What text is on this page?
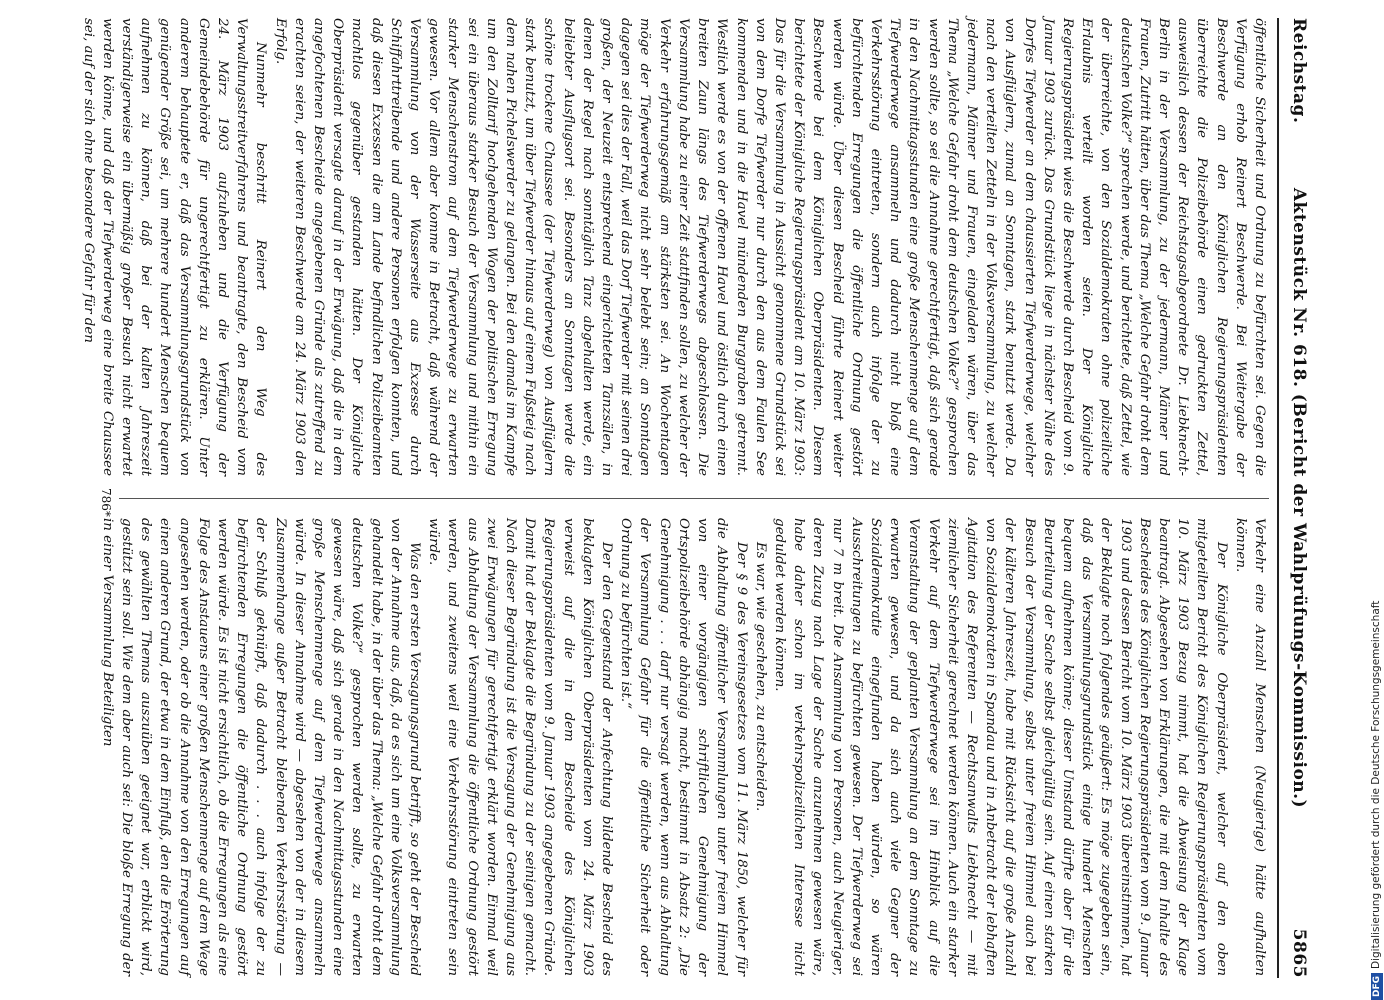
Reichstag.
Aktenstück Nr. 618. (Bericht der Wahlprüfungs-Kommission.)
5865

öffentliche Sicherheit und Ordnung zu befürchten sei. Gegen die Verfügung erhob Reinert Beschwerde. Bei Weitergabe der Beschwerde an den Königlichen Regierungspräsidenten überreichte die Polizeibehörde einen gedruckten Zettel, ausweislich dessen der Reichstagsabgeordnete Dr. Liebknecht-Berlin in der Versammlung, zu der jedermann, Männer und Frauen, Zutritt hätten, über das Thema „Welche Gefahr droht dem deutschen Volke?“ sprechen werde, und berichtete, daß Zettel, wie der überreichte, von den Sozialdemokraten ohne polizeiliche Erlaubnis verteilt worden seien. Der Königliche Regierungspräsident wies die Beschwerde durch Bescheid vom 9. Januar 1903 zurück. Das Grundstück liege in nächster Nähe des Dorfes Tiefwerder an dem chaussierten Tiefwerderwege, welcher von Ausflüglern, zumal an Sonntagen, stark benutzt werde. Da nach den verteilten Zetteln in der Volksversammlung, zu welcher jedermann, Männer und Frauen, eingeladen wären, über das Thema „Welche Gefahr droht dem deutschen Volke?“ gesprochen werden sollte, so sei die Annahme gerechtfertigt, daß sich gerade in den Nachmittagsstunden eine große Menschenmenge auf dem Tiefwerderwege ansammeln und dadurch nicht bloß eine Verkehrsstörung eintreten, sondern auch infolge der zu befürchtenden Erregungen die öffentliche Ordnung gestört werden würde. Über diesen Bescheid führte Reinert weiter Beschwerde bei dem Königlichen Oberpräsidenten. Diesem berichtete der Königliche Regierungspräsident am 10. März 1903: Das für die Versammlung in Aussicht genommene Grundstück sei von dem Dorfe Tiefwerder nur durch den aus dem Faulen See kommenden und in die Havel mündenden Burggraben getrennt. Westlich werde es von der offenen Havel und östlich durch einen breiten Zaun längs des Tiefwerderwegs abgeschlossen. Die Versammlung habe zu einer Zeit stattfinden sollen, zu welcher der Verkehr erfahrungsgemäß am stärksten sei. An Wochentagen möge der Tiefwerderweg nicht sehr belebt sein; an Sonntagen dagegen sei dies der Fall, weil das Dorf Tiefwerder mit seinen drei großen, der Neuzeit entsprechend eingerichteten Tanzsälen, in denen der Regel nach sonntäglich Tanz abgehalten werde, ein beliebter Ausflugsort sei. Besonders an Sonntagen werde die schöne trockene Chaussee (der Tiefwerderweg) von Ausflüglern stark benutzt, um über Tiefwerder hinaus auf einem Fußsteig nach dem nahen Pichelswerder zu gelangen. Bei den damals im Kampfe um den Zolltarif hochgehenden Wogen der politischen Erregung sei ein überaus starker Besuch der Versammlung und mithin ein starker Menschenstrom auf dem Tiefwerderwege zu erwarten gewesen. Vor allem aber komme in Betracht, daß während der Versammlung von der Wasserseite aus Exzesse durch Schiffahrttreibende und andere Personen erfolgen konnten, und daß diesen Exzessen die am Lande befindlichen Polizeibeamten machtlos gegenüber gestanden hätten. Der Königliche Oberpräsident versagte darauf in der Erwägung, daß die in dem angefochtenen Bescheide angegebenen Gründe als zutreffend zu erachten seien, der weiteren Beschwerde am 24. März 1903 den Erfolg.

Nunmehr beschritt Reinert den Weg des Verwaltungsstreitverfahrens und beantragte, den Bescheid vom 24. März 1903 aufzuheben und die Verfügung der Gemeindebehörde für ungerechtfertigt zu erklären. Unter anderem behauptete er, daß das Versammlungsgrundstück von genügender Größe sei, um mehrere hundert Menschen bequem aufnehmen zu können, daß bei der kalten Jahreszeit verständigerweise ein übermäßig großer Besuch nicht erwartet werden könne, und daß der Tiefwerderweg eine breite Chaussee sei, auf der sich ohne besondere Gefahr für den

Verkehr eine Anzahl Menschen (Neugierige) hätte aufhalten können.

Der Königliche Oberpräsident, welcher auf den oben mitgeteilten Bericht des Königlichen Regierungspräsidenten vom 10. März 1903 Bezug nimmt, hat die Abweisung der Klage beantragt. Abgesehen von Erklärungen, die mit dem Inhalte des Bescheides des Königlichen Regierungspräsidenten vom 9. Januar 1903 und dessen Bericht vom 10. März 1903 übereinstimmen, hat der Beklagte noch folgendes geäußert: Es möge zugegeben sein, daß das Versammlungsgrundstück einige hundert Menschen bequem aufnehmen könne; dieser Umstand dürfte aber für die Beurteilung der Sache selbst gleichgültig sein. Auf einen starken Besuch der Versammlung, selbst unter freiem Himmel auch bei der kälteren Jahreszeit, habe mit Rücksicht auf die große Anzahl von Sozialdemokraten in Spandau und in Anbetracht der lebhaften Agitation des Referenten — Rechtsanwalts Liebknecht — mit ziemlicher Sicherheit gerechnet werden können. Auch ein starker Verkehr auf dem Tiefwerderwege sei im Hinblick auf die Veranstaltung der geplanten Versammlung an dem Sonntage zu erwarten gewesen, und da sich auch viele Gegner der Sozialdemokratie eingefunden haben würden, so wären Ausschreitungen zu befürchten gewesen. Der Tiefwerderweg sei nur 7 m breit. Die Ansammlung von Personen, auch Neugieriger, deren Zuzug nach Lage der Sache anzunehmen gewesen wäre, habe daher schon im verkehrspolizeilichen Interesse nicht geduldet werden können.

Es war, wie geschehen, zu entscheiden.

Der § 9 des Vereinsgesetzes vom 11. März 1850, welcher für die Abhaltung öffentlicher Versammlungen unter freiem Himmel von einer vorgängigen schriftlichen Genehmigung der Ortspolizeibehörde abhängig macht, bestimmt in Absatz 2: „Die Genehmigung . . . darf nur versagt werden, wenn aus Abhaltung der Versammlung Gefahr für die öffentliche Sicherheit oder Ordnung zu befürchten ist.“

Der den Gegenstand der Anfechtung bildende Bescheid des beklagten Königlichen Oberpräsidenten vom 24. März 1903 verweist auf die in dem Bescheide des Königlichen Regierungspräsidenten vom 9. Januar 1903 angegebenen Gründe. Damit hat der Beklagte die Begründung zu der seinigen gemacht. Nach dieser Begründung ist die Versagung der Genehmigung aus zwei Erwägungen für gerechtfertigt erklärt worden. Einmal weil aus Abhaltung der Versammlung die öffentliche Ordnung gestört werden, und zweitens weil eine Verkehrsstörung eintreten sein würde.

Was den ersten Versagungsgrund betrifft, so geht der Bescheid von der Annahme aus, daß, da es sich um eine Volksversammlung gehandelt habe, in der über das Thema: „Welche Gefahr droht dem deutschen Volke?“ gesprochen werden sollte, zu erwarten gewesen wäre, daß sich gerade in den Nachmittagsstunden eine große Menschenmenge auf dem Tiefwerderwege ansammeln würde. In dieser Annahme wird — abgesehen von der in diesem Zusammenhange außer Betracht bleibenden Verkehrsstörung — der Schluß geknüpft, daß dadurch . . . auch infolge der zu befürchtenden Erregungen die öffentliche Ordnung gestört werden würde. Es ist nicht ersichtlich, ob die Erregungen als eine Folge des Anstauens einer großen Menschenmenge auf dem Wege angesehen werden, oder ob die Annahme von den Erregungen auf einen anderen Grund, der etwa in dem Einfluß, den die Erörterung des gewählten Themas auszuüben geeignet war, erblickt wird, gestützt sein soll. Wie dem aber auch sei: Die bloße Erregung der in einer Versammlung Beteiligten

786*
DFGDigitalisierung gefördert durch die Deutsche Forschungsgemeinschaft
